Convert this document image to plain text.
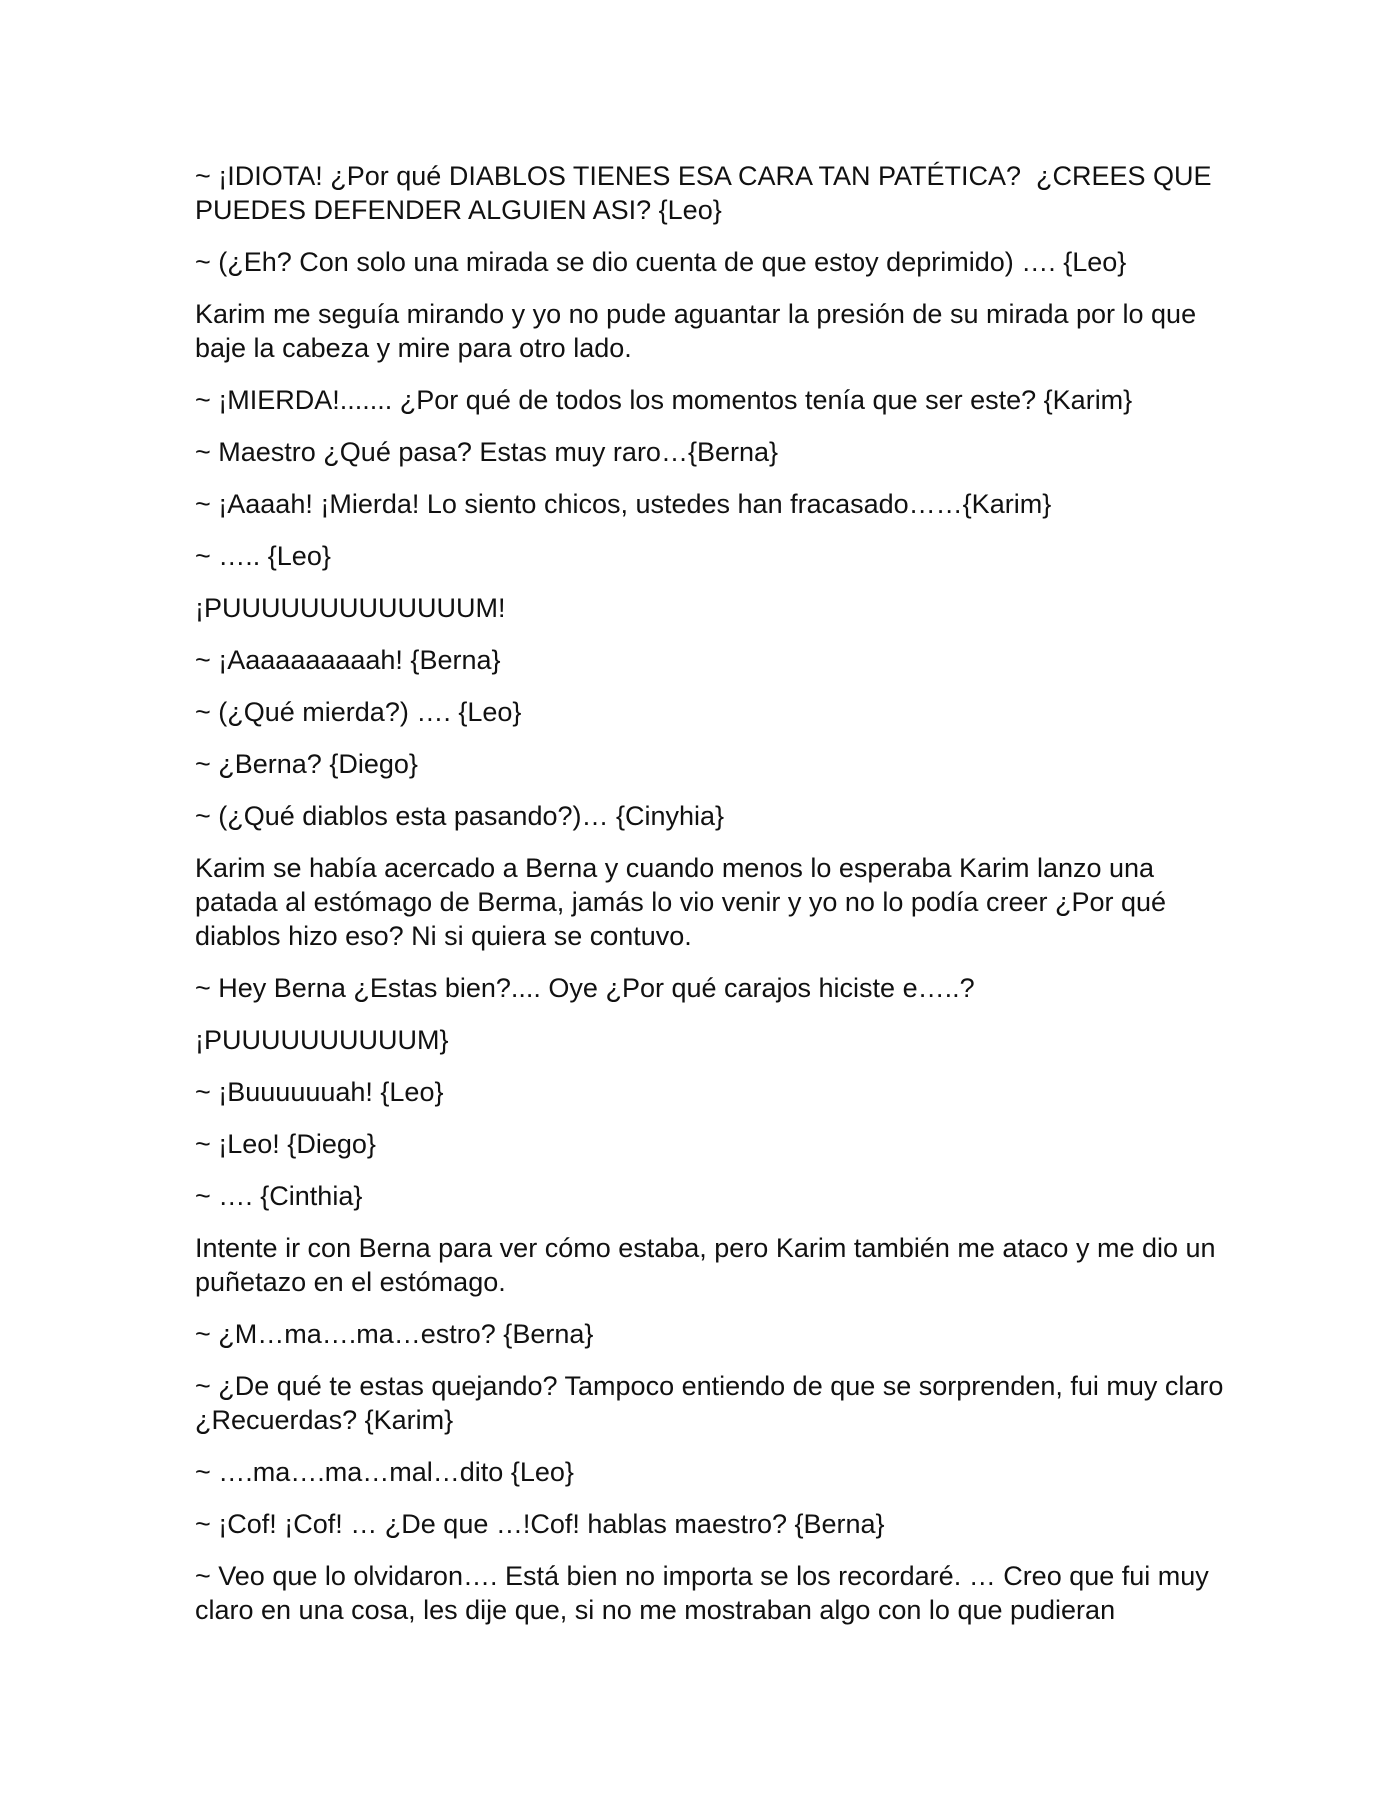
~ ¡IDIOTA! ¿Por qué DIABLOS TIENES ESA CARA TAN PATÉTICA?  ¿CREES QUE PUEDES DEFENDER ALGUIEN ASI? {Leo}

~ (¿Eh? Con solo una mirada se dio cuenta de que estoy deprimido) …. {Leo}

Karim me seguía mirando y yo no pude aguantar la presión de su mirada por lo que baje la cabeza y mire para otro lado.

~ ¡MIERDA!....... ¿Por qué de todos los momentos tenía que ser este? {Karim}

~ Maestro ¿Qué pasa? Estas muy raro…{Berna}

~ ¡Aaaah! ¡Mierda! Lo siento chicos, ustedes han fracasado……{Karim}

~ ….. {Leo}

¡PUUUUUUUUUUUUUM!

~ ¡Aaaaaaaaaah! {Berna}

~ (¿Qué mierda?) …. {Leo}

~ ¿Berna? {Diego}

~ (¿Qué diablos esta pasando?)… {Cinyhia}

Karim se había acercado a Berna y cuando menos lo esperaba Karim lanzo una patada al estómago de Berma, jamás lo vio venir y yo no lo podía creer ¿Por qué diablos hizo eso? Ni si quiera se contuvo.

~ Hey Berna ¿Estas bien?.... Oye ¿Por qué carajos hiciste e…..?

¡PUUUUUUUUUUM}

~ ¡Buuuuuuah! {Leo}

~ ¡Leo! {Diego}

~ …. {Cinthia}

Intente ir con Berna para ver cómo estaba, pero Karim también me ataco y me dio un puñetazo en el estómago.

~ ¿M…ma….ma…estro? {Berna}

~ ¿De qué te estas quejando? Tampoco entiendo de que se sorprenden, fui muy claro ¿Recuerdas? {Karim}

~ ….ma….ma…mal…dito {Leo}

~ ¡Cof! ¡Cof! … ¿De que …!Cof! hablas maestro? {Berna}

~ Veo que lo olvidaron…. Está bien no importa se los recordaré. … Creo que fui muy claro en una cosa, les dije que, si no me mostraban algo con lo que pudieran
